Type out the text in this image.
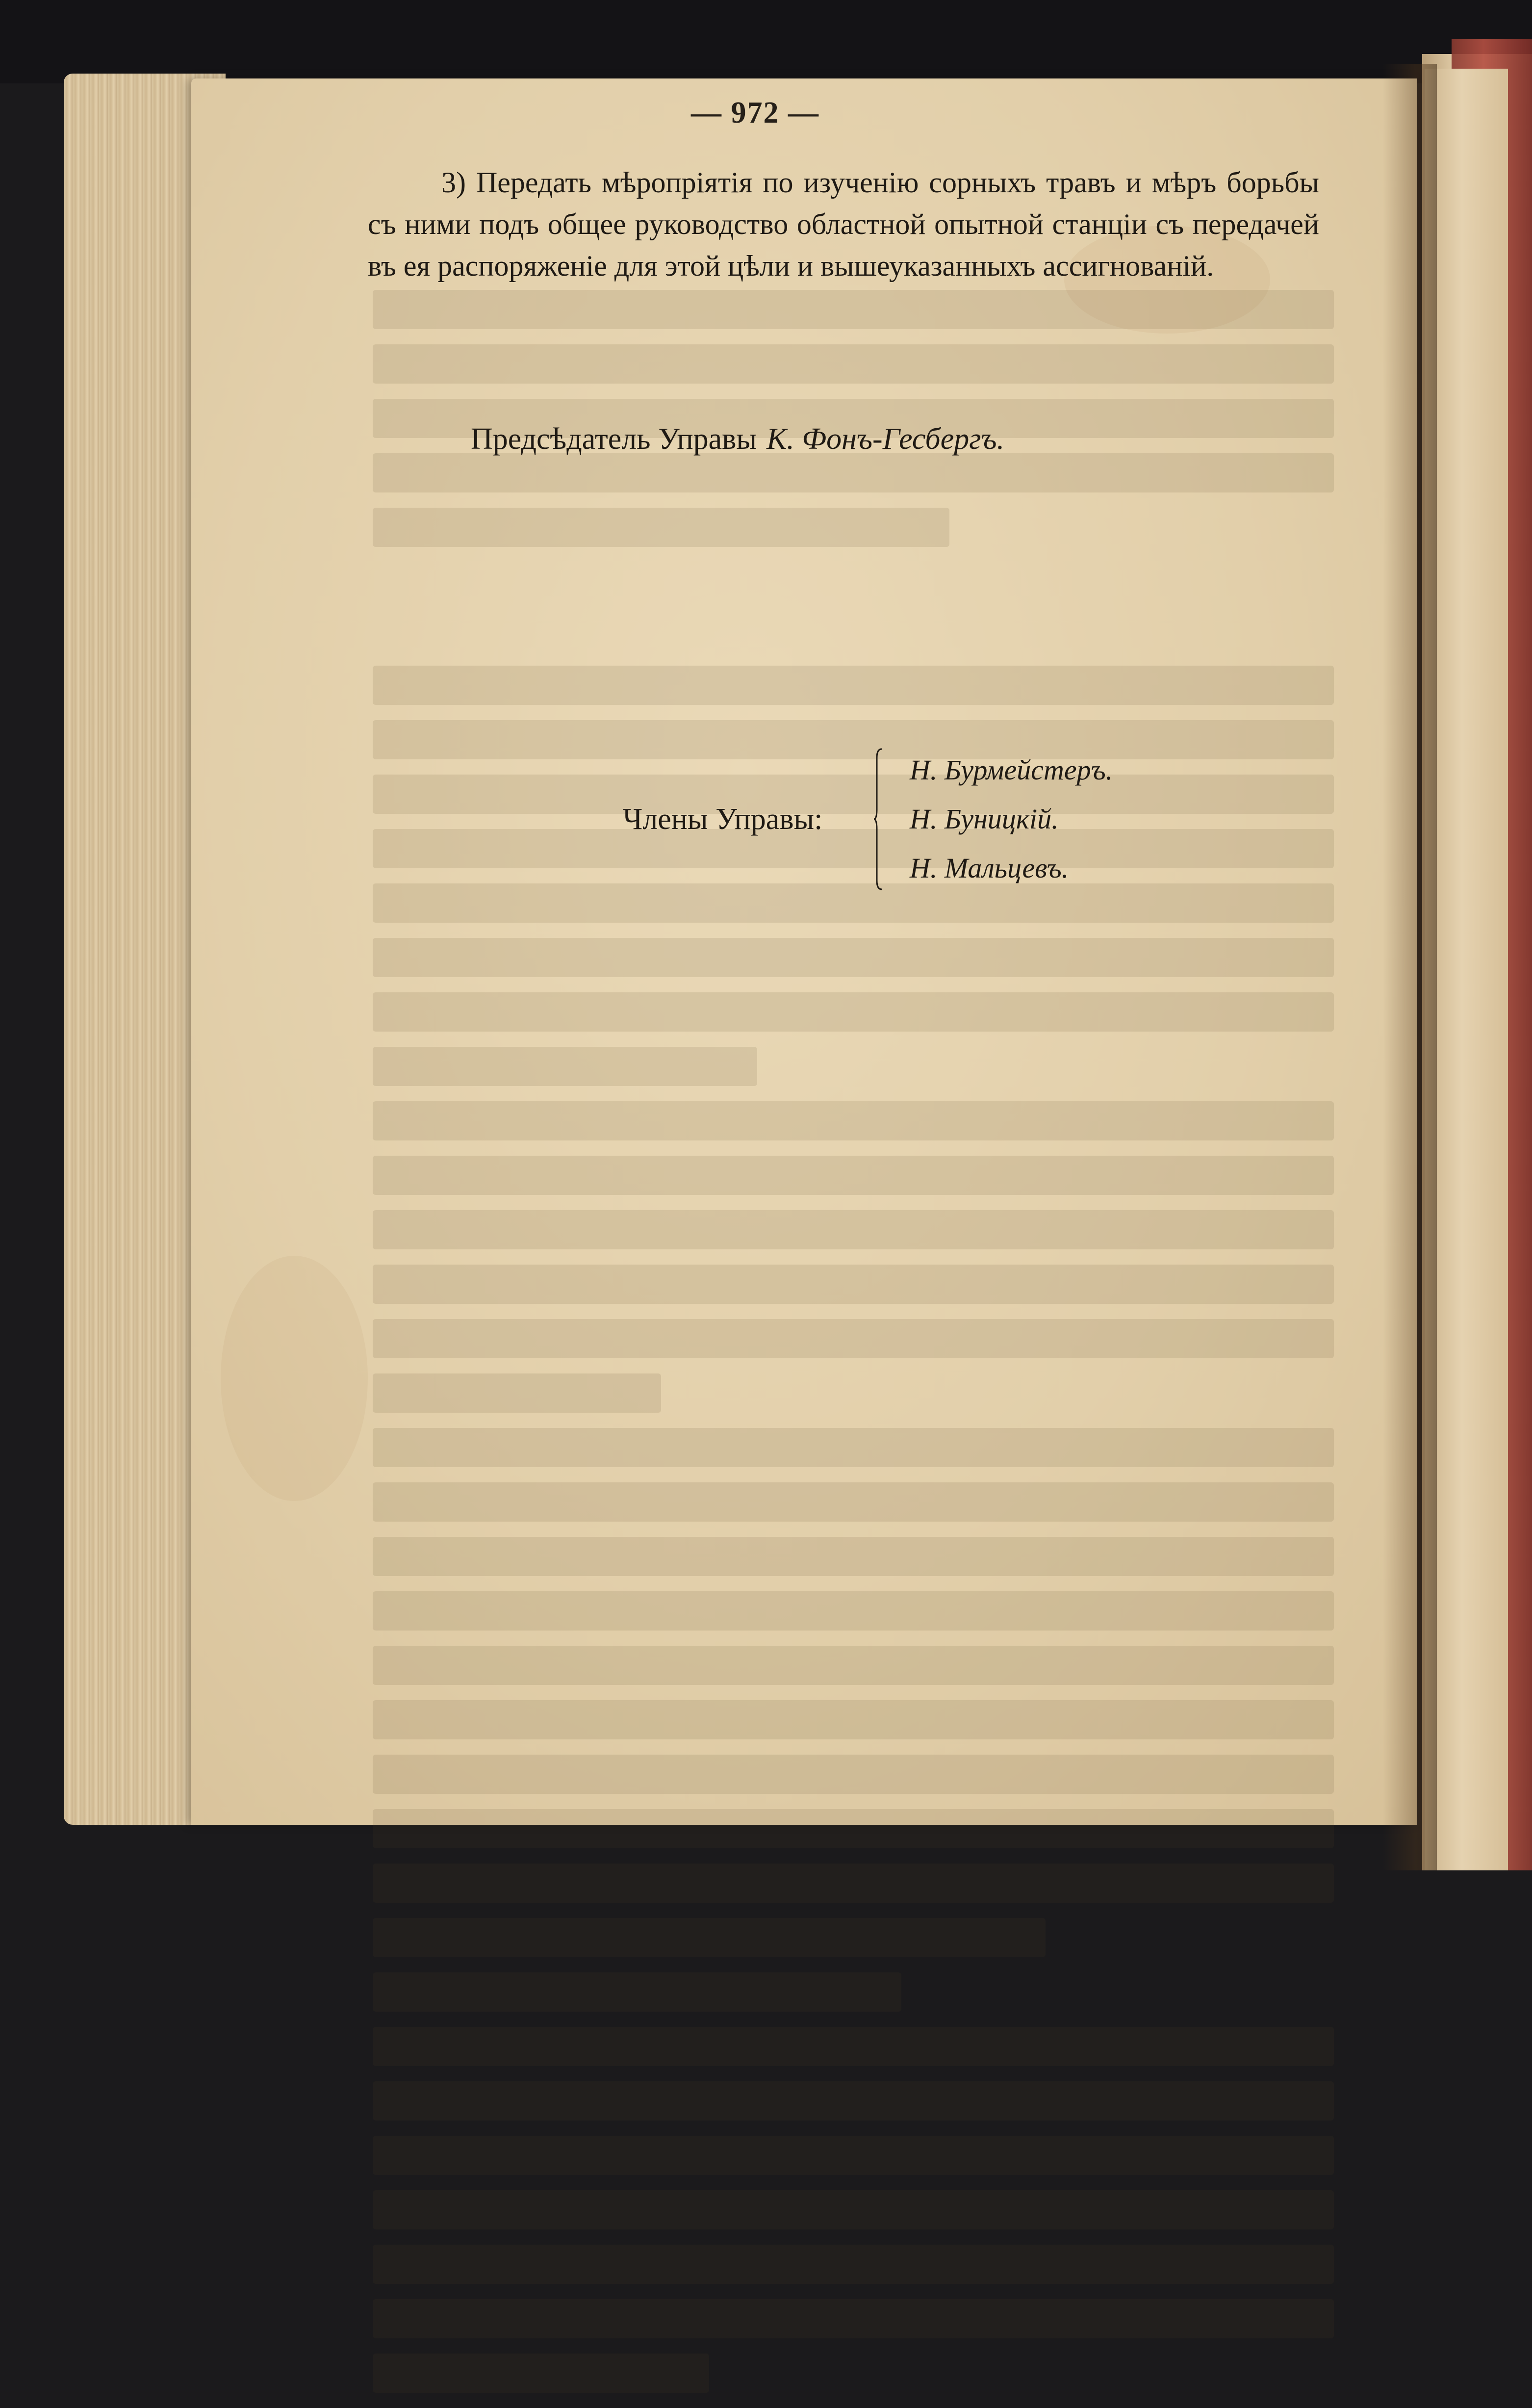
— 972 —

3) Передать мѣропріятія по изученію сорныхъ травъ и мѣръ борьбы съ ними подъ общее руководство областной опытной станціи съ передачей въ ея распоряженіе для этой цѣли и вышеуказанныхъ ассигнованій.

Предсѣдатель Управы К. Фонъ-Гесбергъ.
Члены Управы:
Н. Бурмейстеръ.
Н. Буницкій.
Н. Мальцевъ.
